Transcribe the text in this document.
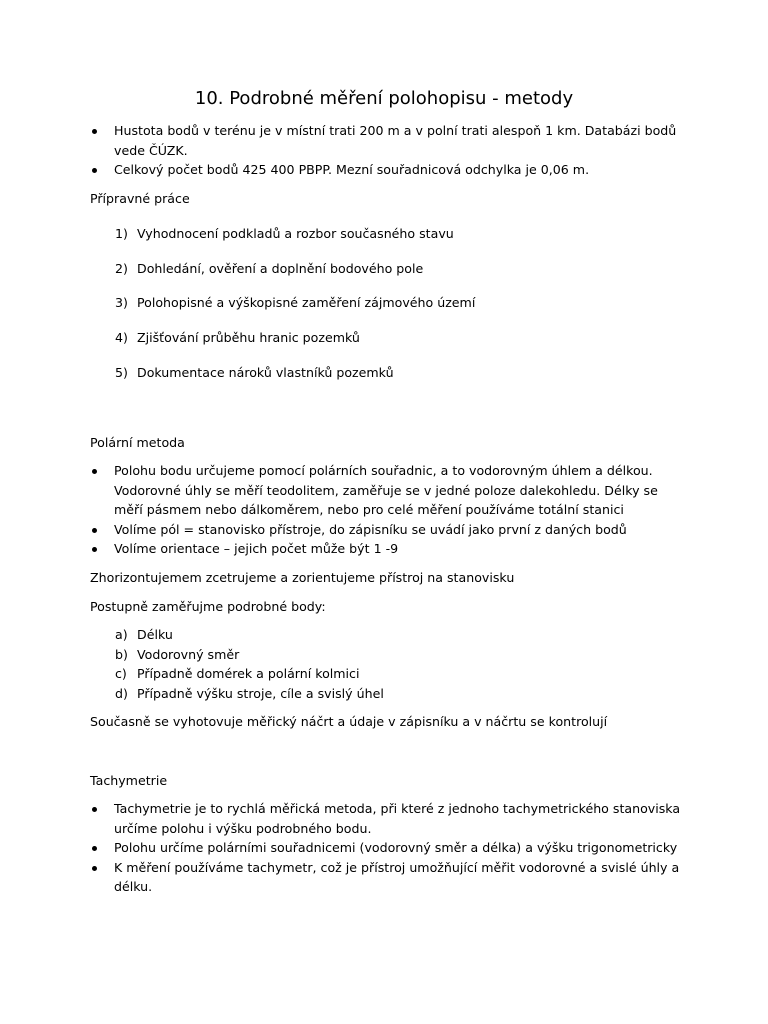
10. Podrobné měření polohopisu - metody
Hustota bodů v terénu je v místní trati 200 m a v polní trati alespoň 1 km. Databázi bodů vede ČÚZK.
Celkový počet bodů 425 400 PBPP. Mezní souřadnicová odchylka je 0,06 m.

Přípravné práce

1) Vyhodnocení podkladů a rozbor současného stavu
2) Dohledání, ověření a doplnění bodového pole
3) Polohopisné a výškopisné zaměření zájmového území
4) Zjišťování průběhu hranic pozemků
5) Dokumentace nároků vlastníků pozemků

Polární metoda

Polohu bodu určujeme pomocí polárních souřadnic, a to vodorovným úhlem a délkou. Vodorovné úhly se měří teodolitem, zaměřuje se v jedné poloze dalekohledu. Délky se měří pásmem nebo dálkoměrem, nebo pro celé měření používáme totální stanici
Volíme pól = stanovisko přístroje, do zápisníku se uvádí jako první z daných bodů
Volíme orientace – jejich počet může být 1 -9

Zhorizontujemem zcetrujeme a zorientujeme přístroj na stanovisku

Postupně zaměřujme podrobné body:

a) Délku
b) Vodorovný směr
c) Případně domérek a polární kolmici
d) Případně výšku stroje, cíle a svislý úhel

Současně se vyhotovuje měřický náčrt a údaje v zápisníku a v náčrtu se kontrolují

Tachymetrie

Tachymetrie je to rychlá měřická metoda, při které z jednoho tachymetrického stanoviska určíme polohu i výšku podrobného bodu.
Polohu určíme polárními souřadnicemi (vodorovný směr a délka) a výšku trigonometricky
K měření používáme tachymetr, což je přístroj umožňující měřit vodorovné a svislé úhly a délku.
